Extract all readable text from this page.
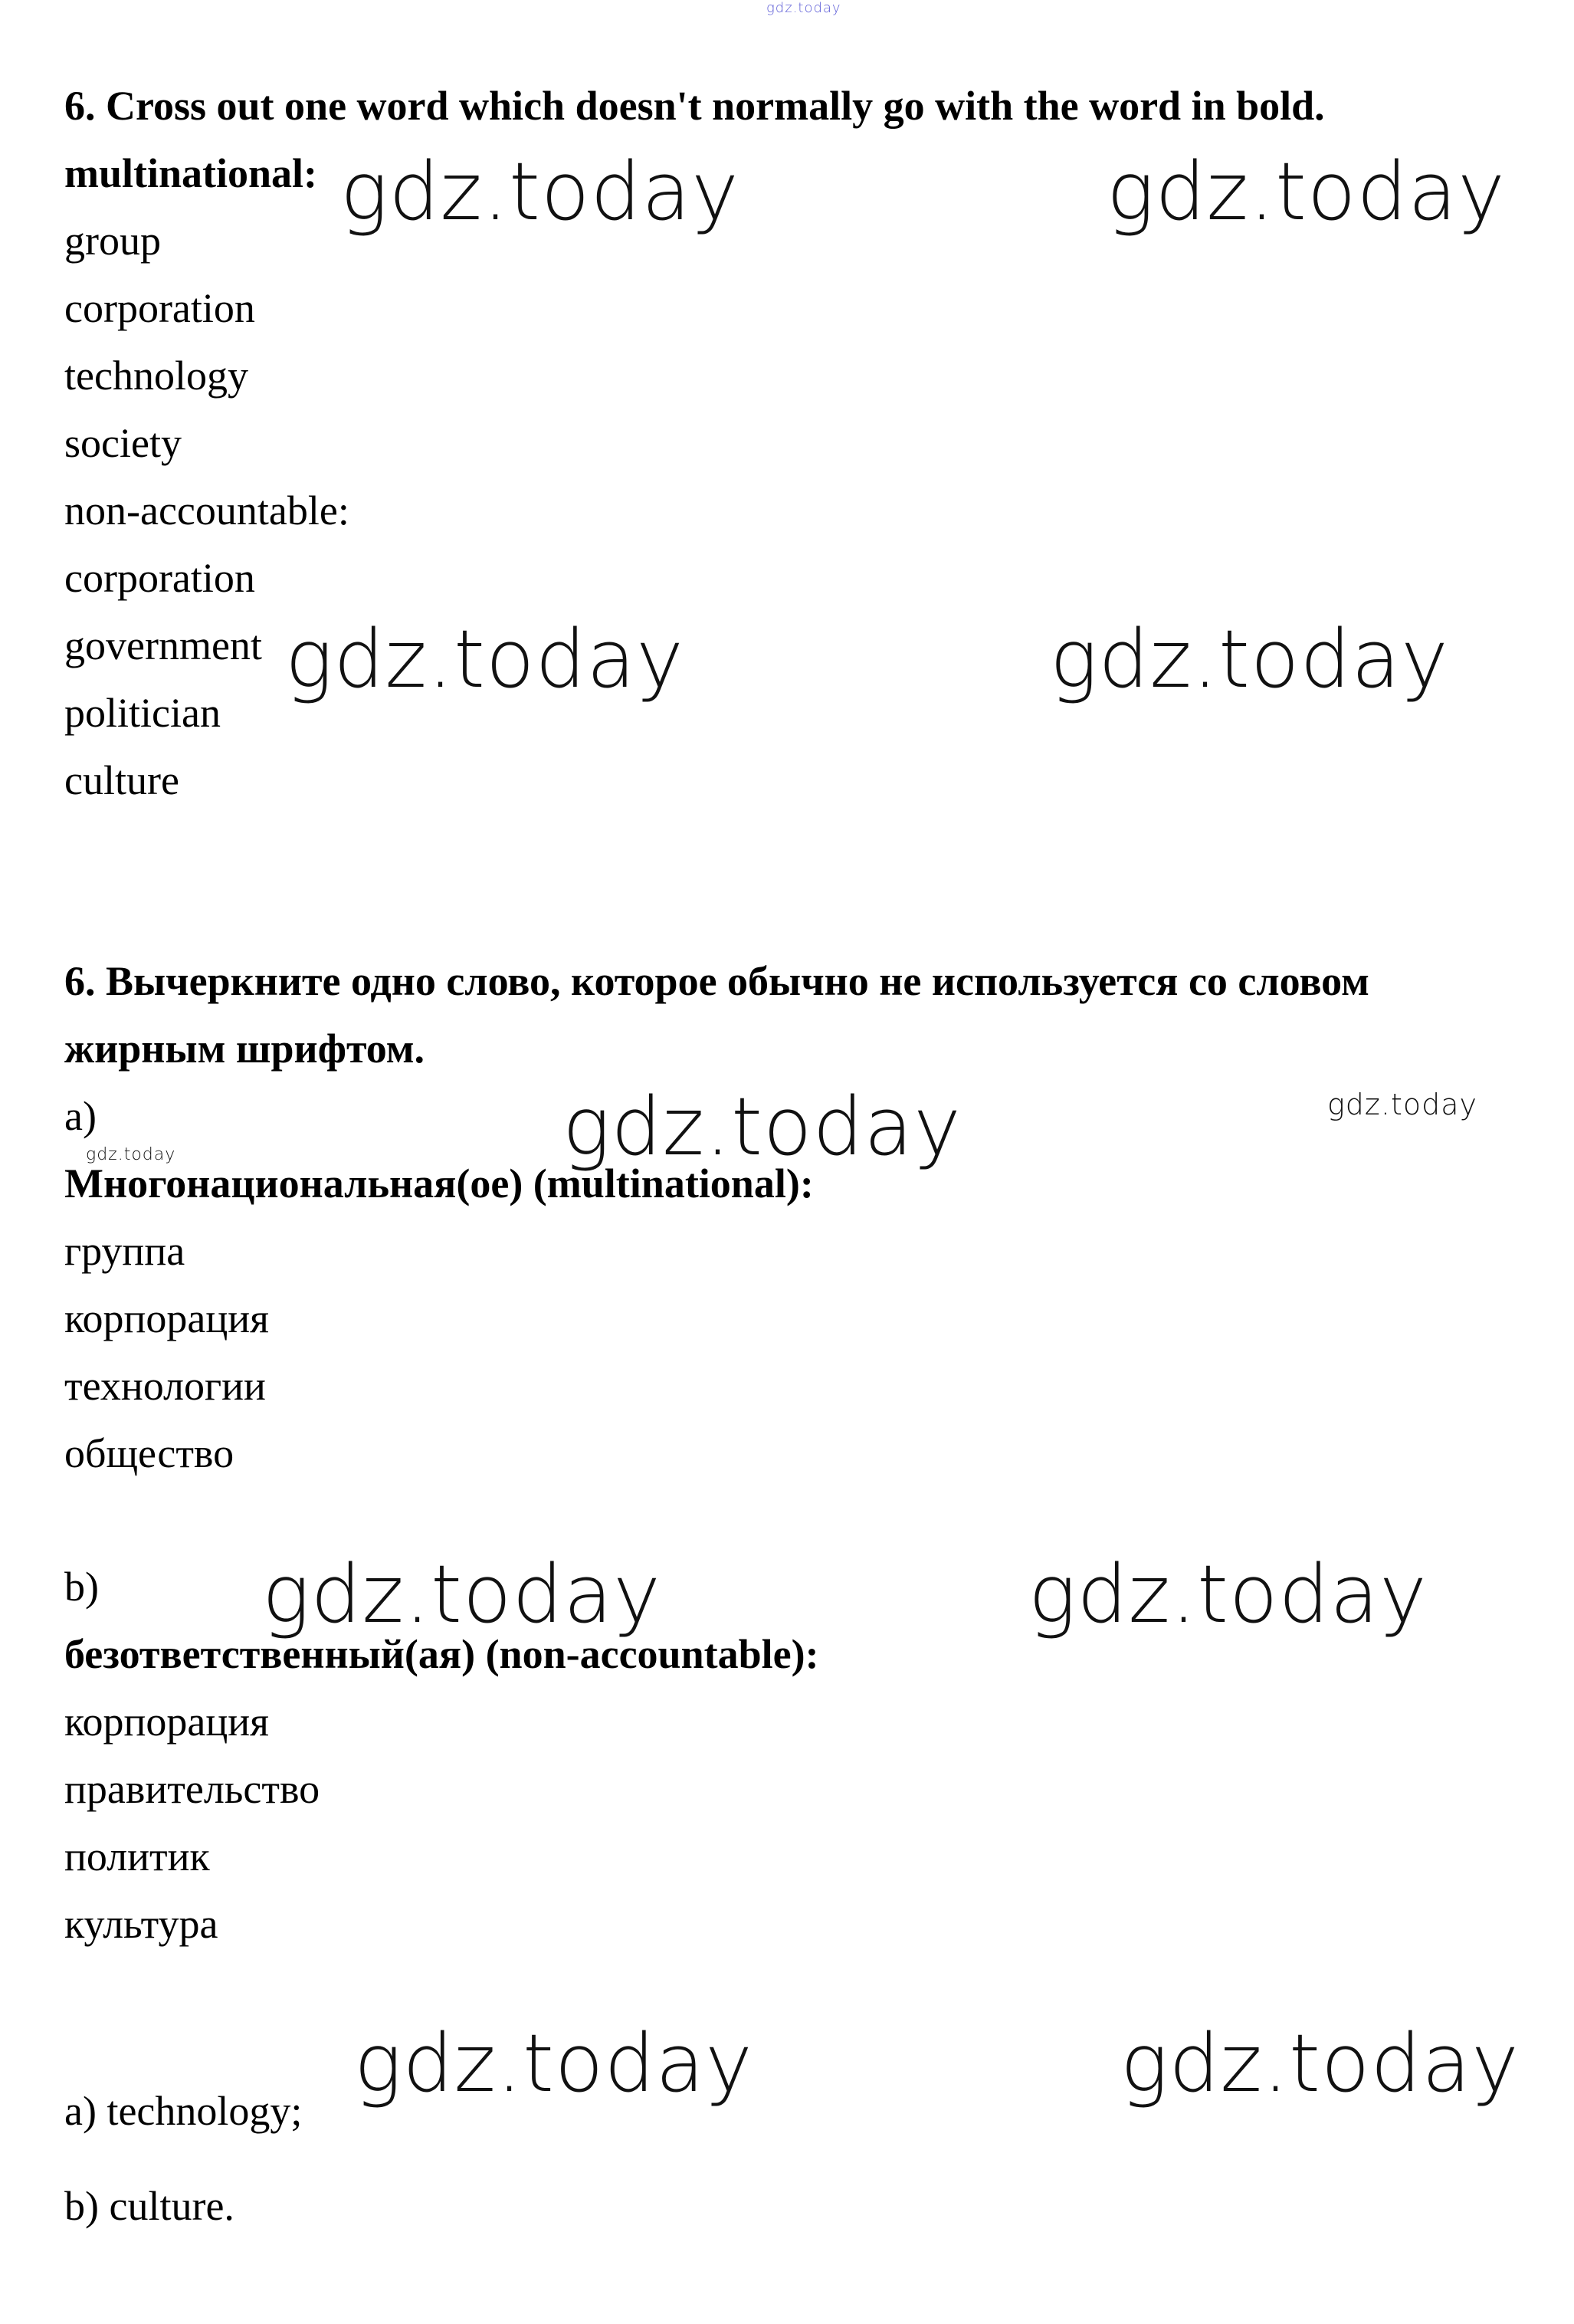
gdz.today
gdz.today	gdz.today
gdz.today	gdz.today
gdz.today	gdz.today
gdz.today
gdz.today	gdz.today
gdz.today	gdz.today
6. Cross out one word which doesn't normally go with the word in bold.
multinational:
group
corporation
technology
society
non-accountable:
corporation
government
politician
culture
6. Вычеркните одно слово, которое обычно не используется со словом
жирным шрифтом.
a)
Многонациональная(ое) (multinational):
группа
корпорация
технологии
общество
b)
безответственный(ая) (non-accountable):
корпорация
правительство
политик
культура
a) technology;
b) culture.
